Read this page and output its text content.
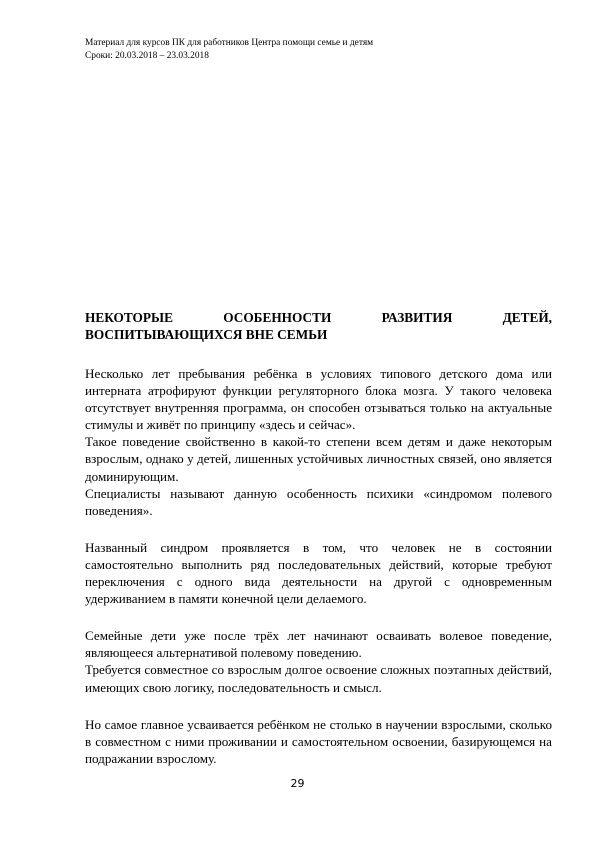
Материал для курсов ПК для работников Центра помощи семье и детям
Сроки: 20.03.2018 – 23.03.2018
НЕКОТОРЫЕ ОСОБЕННОСТИ РАЗВИТИЯ ДЕТЕЙ,
ВОСПИТЫВАЮЩИХСЯ ВНЕ СЕМЬИ

Несколько лет пребывания ребёнка в условиях типового детского дома или интерната атрофируют функции регуляторного блока мозга. У такого человека отсутствует внутренняя программа, он способен отзываться только на актуальные стимулы и живёт по принципу «здесь и сейчас».

Такое поведение свойственно в какой-то степени всем детям и даже некоторым взрослым, однако у детей, лишенных устойчивых личностных связей, оно является доминирующим.

Специалисты называют данную особенность психики «синдромом полевого поведения».

Названный синдром проявляется в том, что человек не в состоянии самостоятельно выполнить ряд последовательных действий, которые требуют переключения с одного вида деятельности на другой с одновременным удерживанием в памяти конечной цели делаемого.

Семейные дети уже после трёх лет начинают осваивать волевое поведение, являющееся альтернативой полевому поведению.

Требуется совместное со взрослым долгое освоение сложных поэтапных действий, имеющих свою логику, последовательность и смысл.

Но самое главное усваивается ребёнком не столько в научении взрослыми, сколько в совместном с ними проживании и самостоятельном освоении, базирующемся на подражании взрослому.

29
